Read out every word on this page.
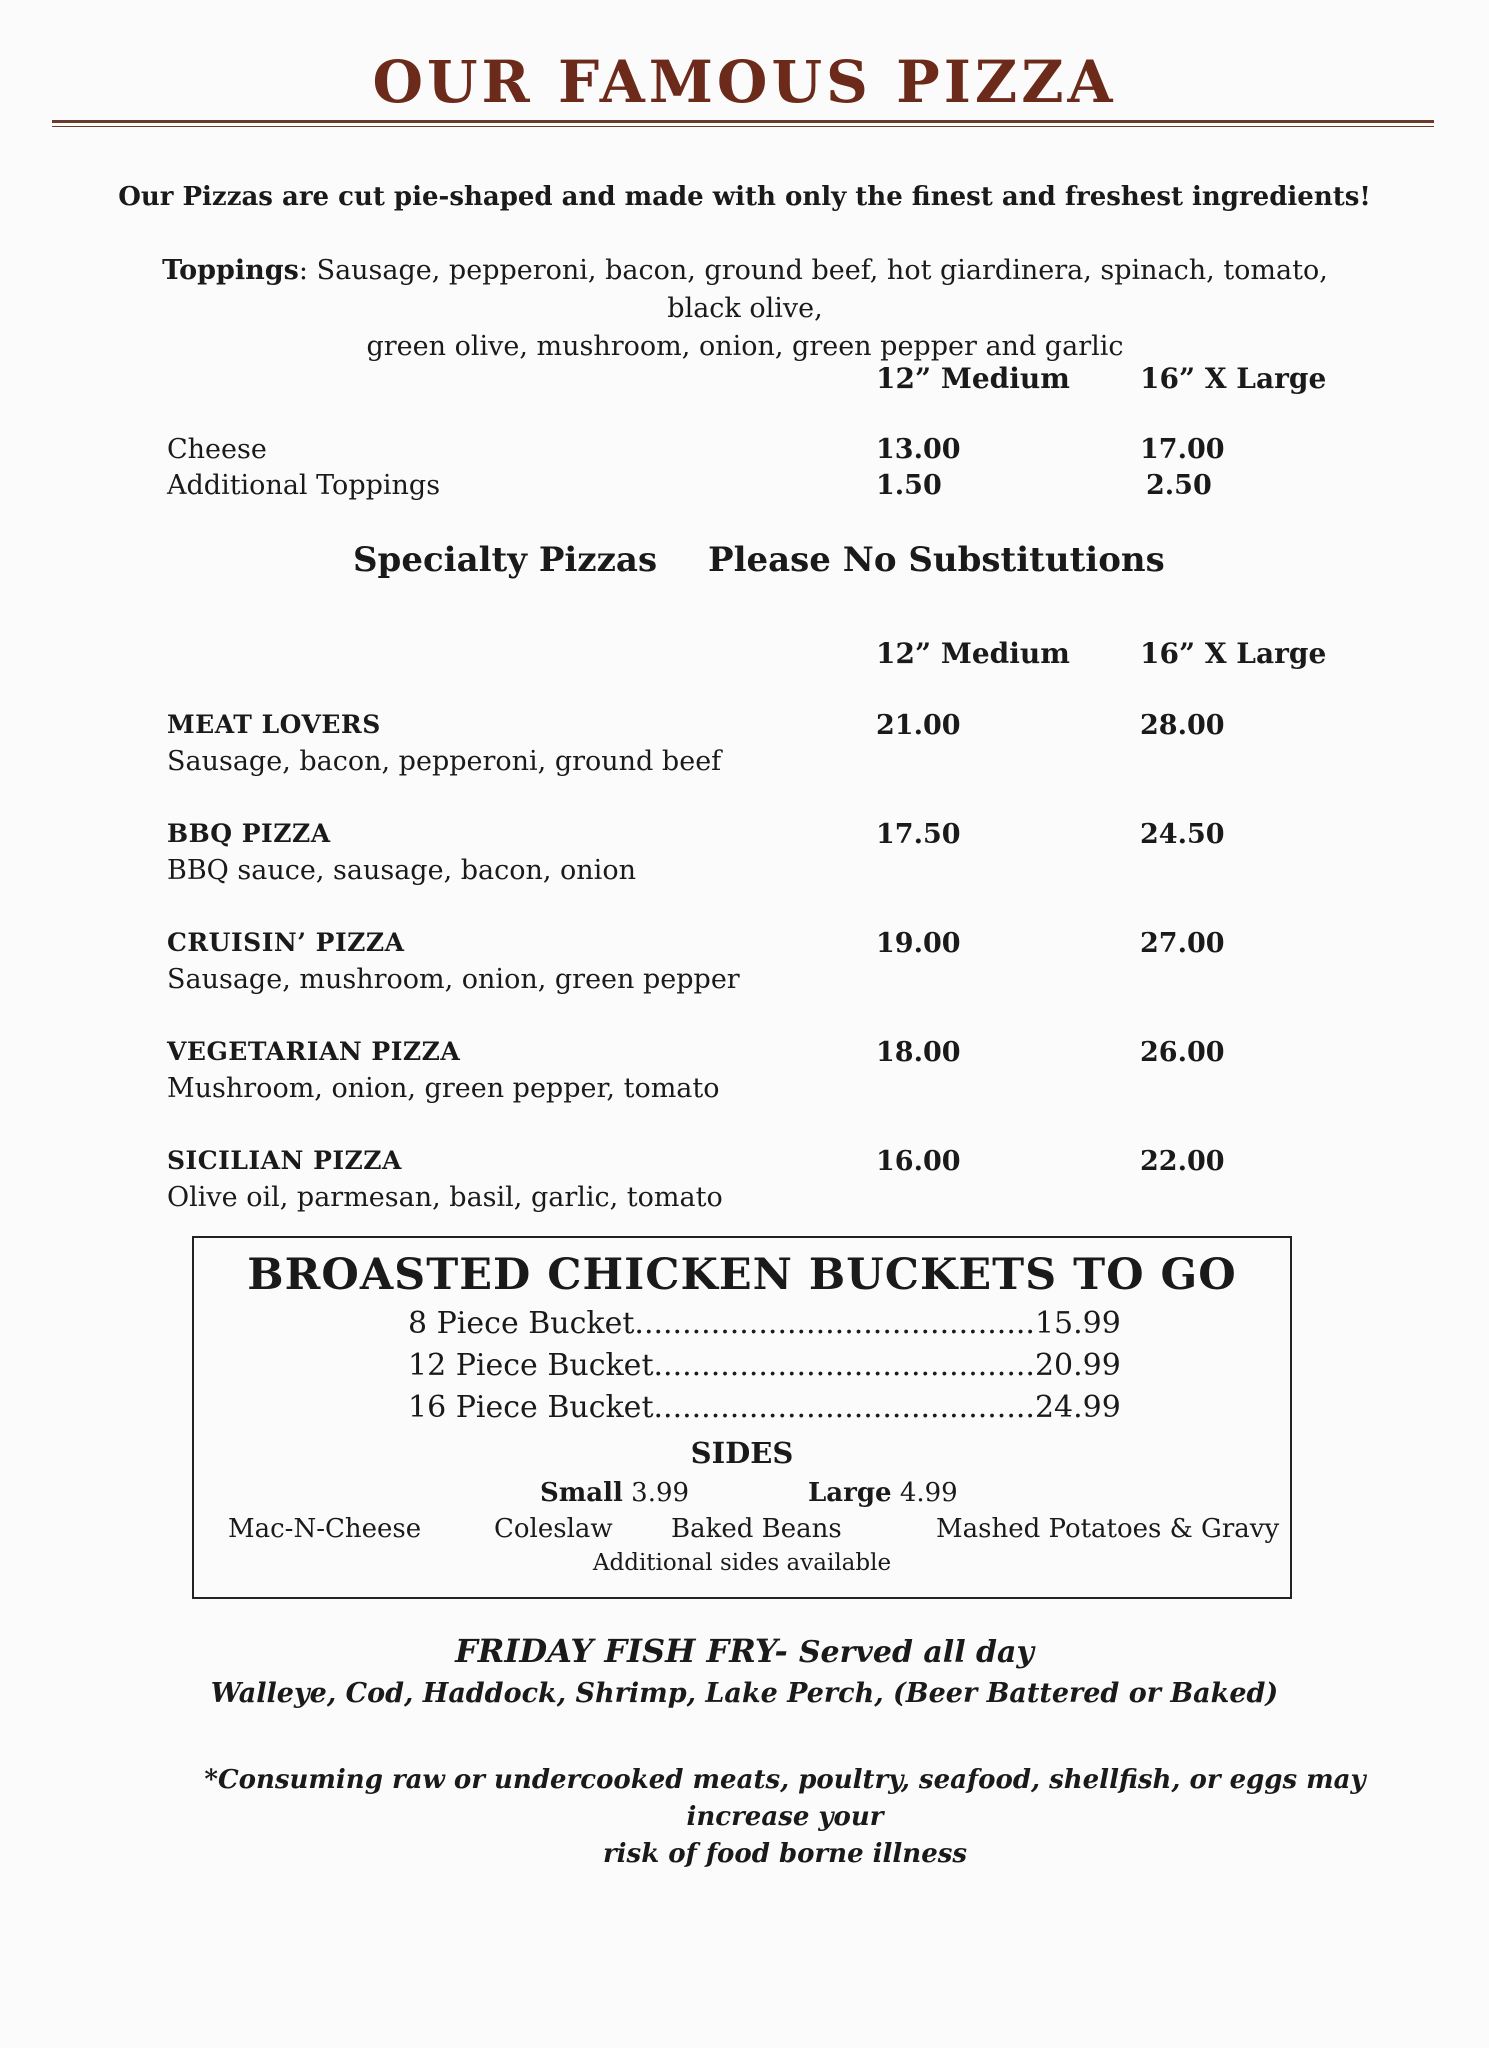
OUR FAMOUS PIZZA
Our Pizzas are cut pie-shaped and made with only the finest and freshest ingredients!
Toppings: Sausage, pepperoni, bacon, ground beef, hot giardinera, spinach, tomato, black olive,
green olive, mushroom, onion, green pepper and garlic
12” Medium	16” X Large
Cheese	13.00	17.00
Additional Toppings	1.50	2.50
Specialty Pizzas Please No Substitutions
12” Medium	16” X Large
MEAT LOVERS
Sausage, bacon, pepperoni, ground beef
21.00	28.00
BBQ PIZZA
BBQ sauce, sausage, bacon, onion
17.50	24.50
CRUISIN’ PIZZA
Sausage, mushroom, onion, green pepper
19.00	27.00
VEGETARIAN PIZZA
Mushroom, onion, green pepper, tomato
18.00	26.00
SICILIAN PIZZA
Olive oil, parmesan, basil, garlic, tomato
16.00	22.00
BROASTED CHICKEN BUCKETS TO GO
8 Piece Bucket..........................................15.99
12 Piece Bucket........................................20.99
16 Piece Bucket........................................24.99
SIDES
Small 3.99	Large 4.99
Mac-N-Cheese	Coleslaw Baked Beans	Mashed Potatoes & Gravy
Additional sides available
FRIDAY FISH FRY- Served all day
Walleye, Cod, Haddock, Shrimp, Lake Perch, (Beer Battered or Baked)
*Consuming raw or undercooked meats, poultry, seafood, shellfish, or eggs may increase your
risk of food borne illness
